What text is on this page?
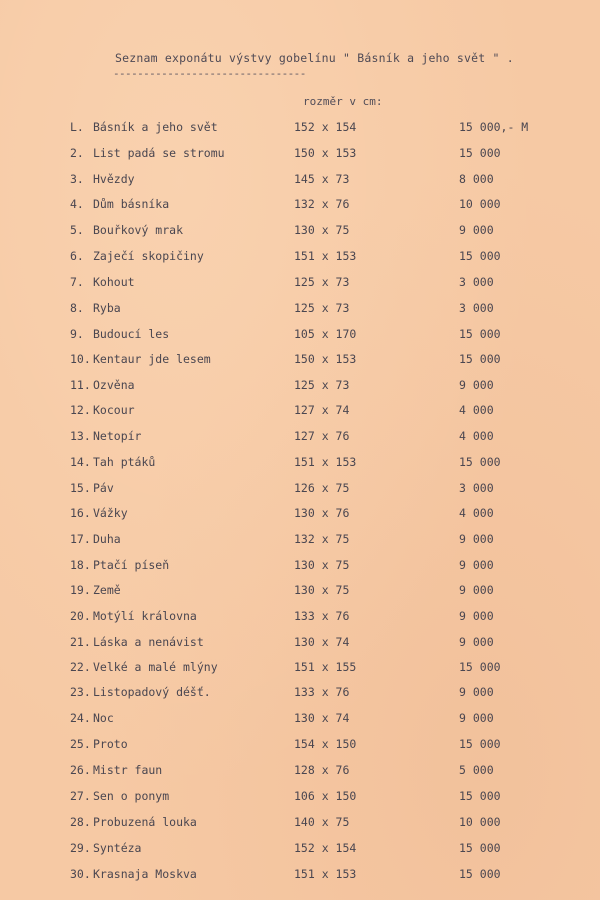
Seznam exponátu výstvy gobelínu " Básník a jeho svět " .
--------------------------------
rozměr v cm:
L. Básník a jeho svět	152 x 154	15 000,- M
2. List padá se stromu	150 x 153	15 000
3. Hvězdy	145 x 73	8 000
4. Dům básníka	132 x 76	10 000
5. Bouřkový mrak	130 x 75	9 000
6. Zaječí skopičiny	151 x 153	15 000
7. Kohout	125 x 73	3 000
8. Ryba	125 x 73	3 000
9. Budoucí les	105 x 170	15 000
10. Kentaur jde lesem	150 x 153	15 000
11. Ozvěna	125 x 73	9 000
12. Kocour	127 x 74	4 000
13. Netopír	127 x 76	4 000
14. Tah ptáků	151 x 153	15 000
15. Páv	126 x 75	3 000
16. Vážky	130 x 76	4 000
17. Duha	132 x 75	9 000
18. Ptačí píseň	130 x 75	9 000
19. Země	130 x 75	9 000
20. Motýlí královna	133 x 76	9 000
21. Láska a nenávist	130 x 74	9 000
22. Velké a malé mlýny	151 x 155	15 000
23. Listopadový déšť.	133 x 76	9 000
24. Noc	130 x 74	9 000
25. Proto	154 x 150	15 000
26. Mistr faun	128 x 76	5 000
27. Sen o ponym	106 x 150	15 000
28. Probuzená louka	140 x 75	10 000
29. Syntéza	152 x 154	15 000
30. Krasnaja Moskva	151 x 153	15 000
